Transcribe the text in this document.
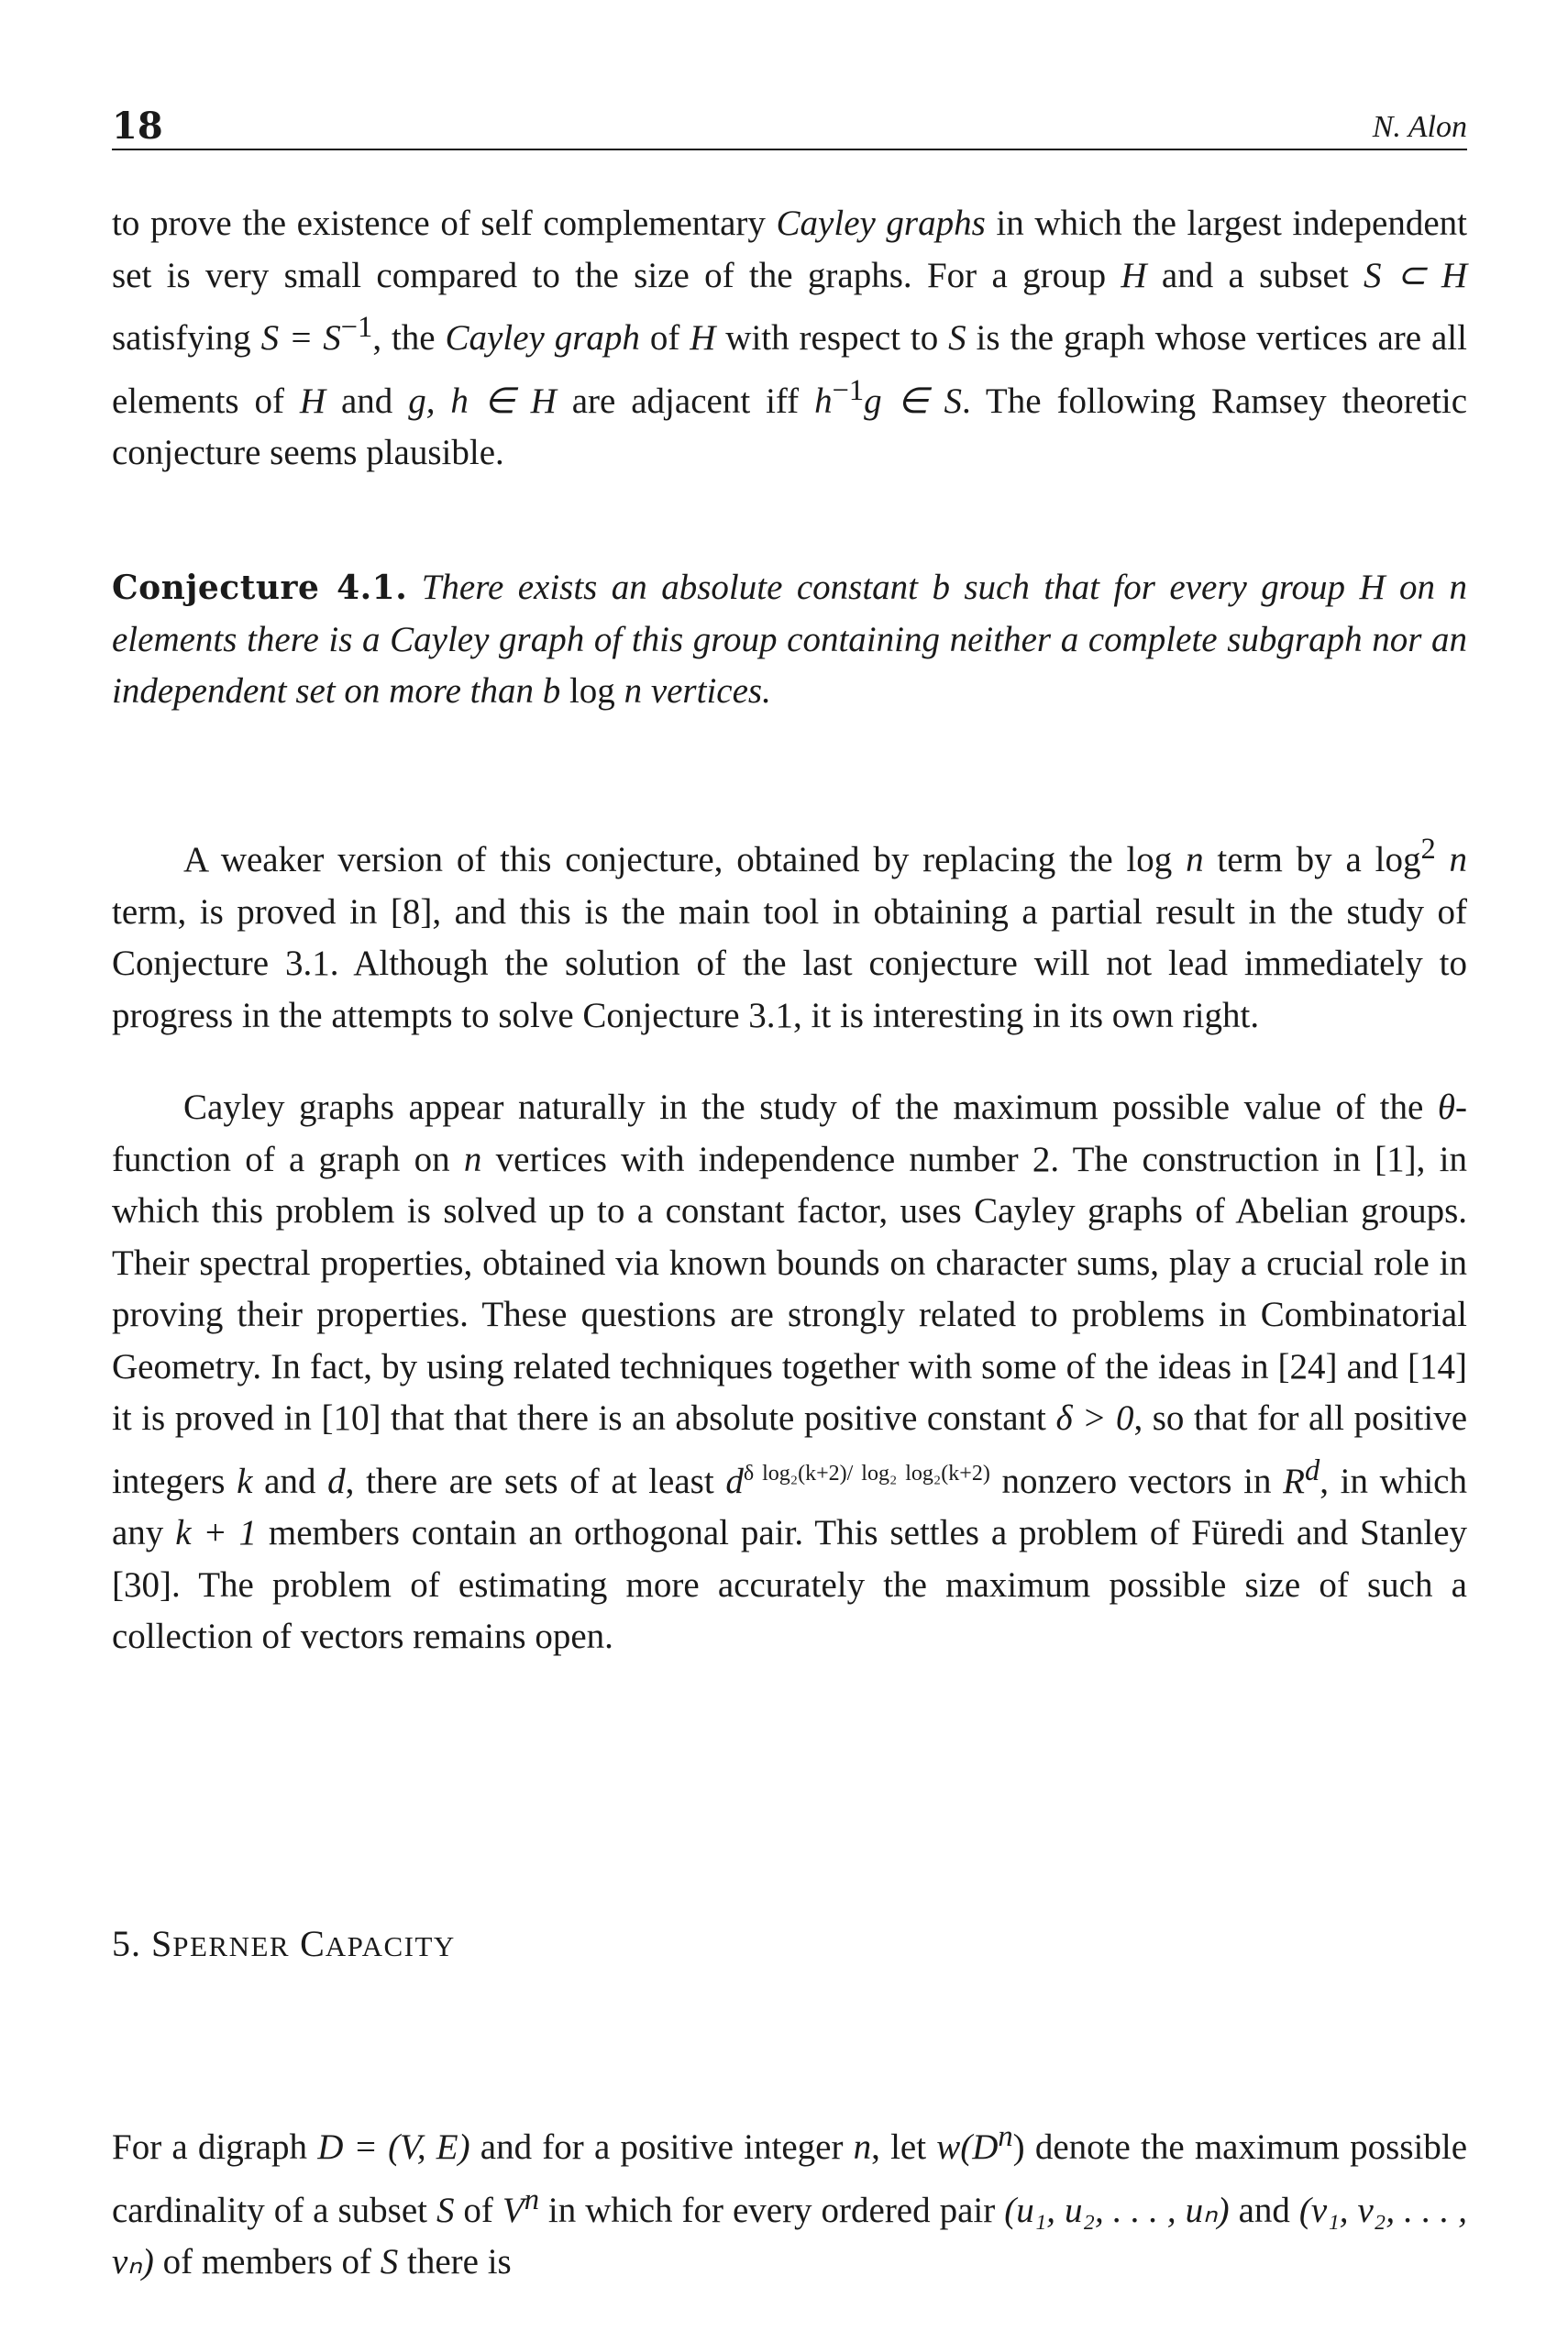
18	N. Alon

to prove the existence of self complementary Cayley graphs in which the largest independent set is very small compared to the size of the graphs. For a group H and a subset S ⊂ H satisfying $S = S^{-1}$, the Cayley graph of H with respect to S is the graph whose vertices are all elements of H and g, h ∈ H are adjacent iff $h^{-1}g$ ∈ S. The following Ramsey theoretic conjecture seems plausible.

Conjecture 4.1. There exists an absolute constant b such that for every group H on n elements there is a Cayley graph of this group containing neither a complete subgraph nor an independent set on more than b log n vertices.

A weaker version of this conjecture, obtained by replacing the log n term by a $\log^2 n$ term, is proved in [8], and this is the main tool in obtaining a partial result in the study of Conjecture 3.1. Although the solution of the last conjecture will not lead immediately to progress in the attempts to solve Conjecture 3.1, it is interesting in its own right.

Cayley graphs appear naturally in the study of the maximum possible value of the θ-function of a graph on n vertices with independence number 2. The construction in [1], in which this problem is solved up to a constant factor, uses Cayley graphs of Abelian groups. Their spectral properties, obtained via known bounds on character sums, play a crucial role in proving their properties. These questions are strongly related to problems in Combinatorial Geometry. In fact, by using related techniques together with some of the ideas in [24] and [14] it is proved in [10] that that there is an absolute positive constant δ > 0, so that for all positive integers k and d, there are sets of at least $d^{\delta log_2(k+2)/ log_2 log_2(k+2)}$ nonzero vectors in $R^d$, in which any k + 1 members contain an orthogonal pair. This settles a problem of Füredi and Stanley [30]. The problem of estimating more accurately the maximum possible size of such a collection of vectors remains open.

5. SPERNER CAPACITY

For a digraph D = (V, E) and for a positive integer n, let $w(D^n)$ denote the maximum possible cardinality of a subset S of $V^n$ in which for every ordered pair (u₁, u₂, . . . , uₙ) and (v₁, v₂, . . . , vₙ) of members of S there is
